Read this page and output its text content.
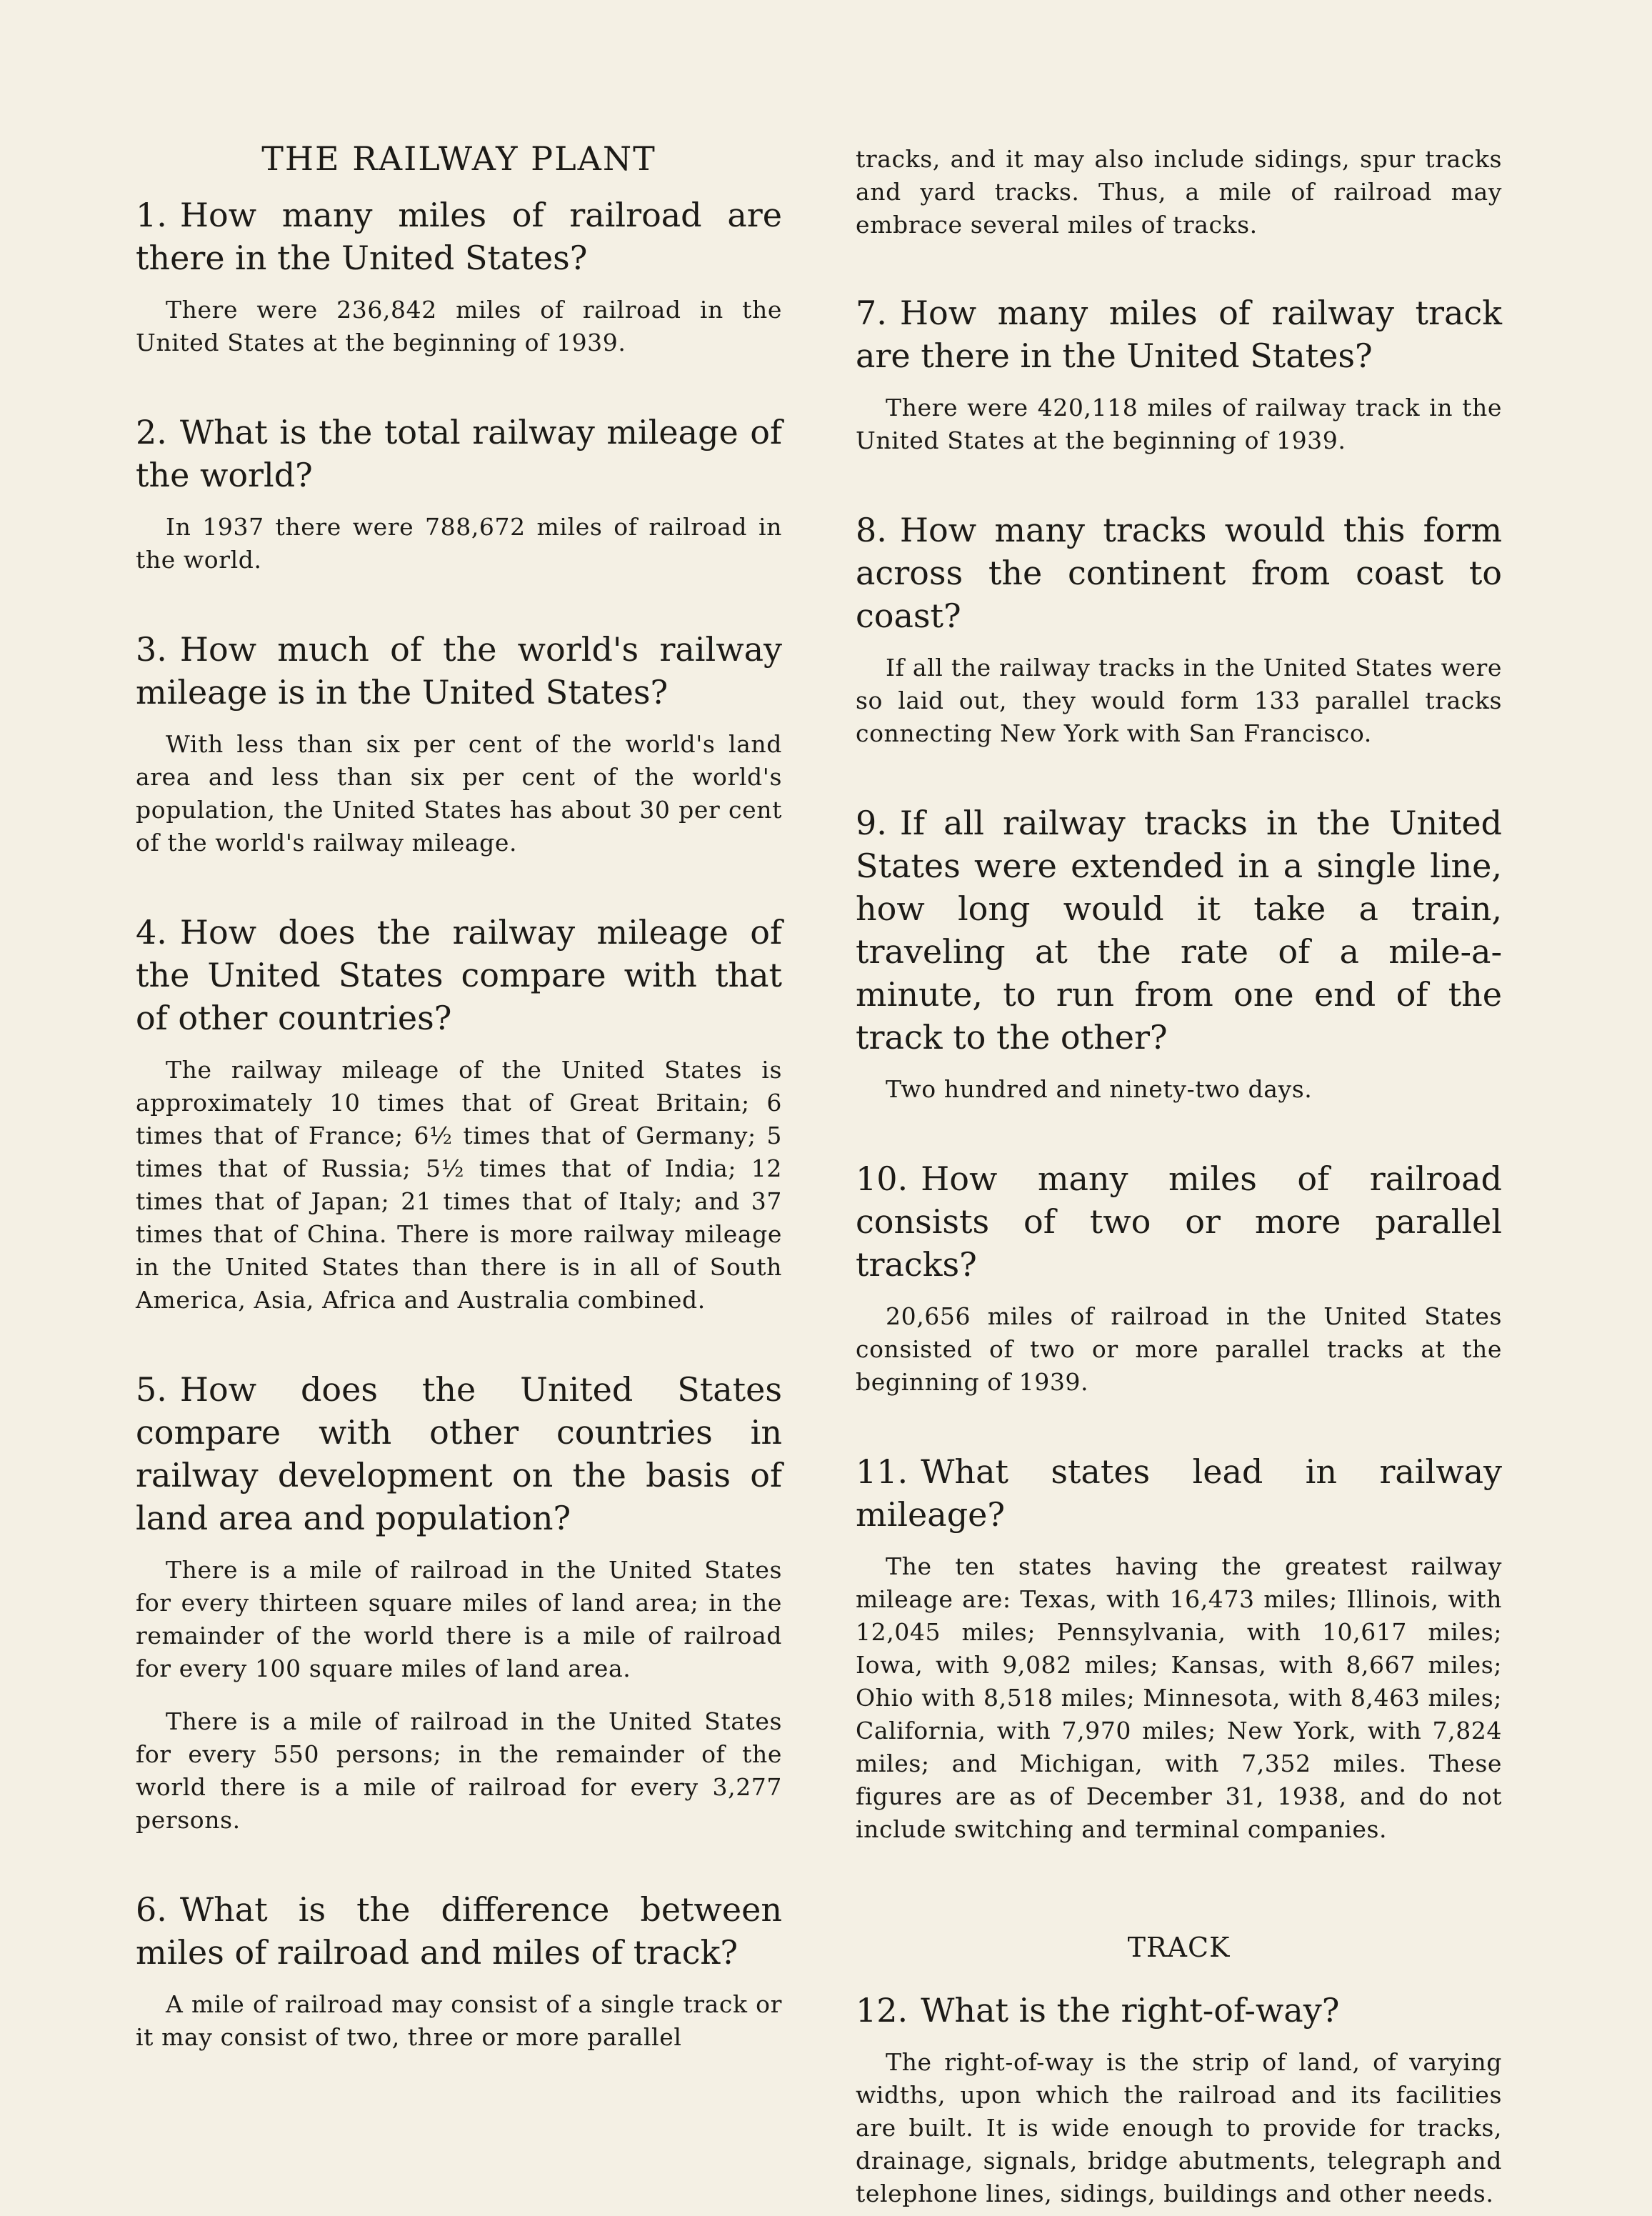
THE RAILWAY PLANT
1. How many miles of railroad are there in the United States?

There were 236,842 miles of railroad in the United States at the beginning of 1939.

2. What is the total railway mileage of the world?

In 1937 there were 788,672 miles of railroad in the world.

3. How much of the world's railway mileage is in the United States?

With less than six per cent of the world's land area and less than six per cent of the world's population, the United States has about 30 per cent of the world's railway mileage.

4. How does the railway mileage of the United States compare with that of other countries?

The railway mileage of the United States is approximately 10 times that of Great Britain; 6 times that of France; 6½ times that of Germany; 5 times that of Russia; 5½ times that of India; 12 times that of Japan; 21 times that of Italy; and 37 times that of China. There is more railway mileage in the United States than there is in all of South America, Asia, Africa and Australia combined.

5. How does the United States compare with other countries in railway development on the basis of land area and population?

There is a mile of railroad in the United States for every thirteen square miles of land area; in the remainder of the world there is a mile of railroad for every 100 square miles of land area.

There is a mile of railroad in the United States for every 550 persons; in the remainder of the world there is a mile of railroad for every 3,277 persons.

6. What is the difference between miles of railroad and miles of track?

A mile of railroad may consist of a single track or it may consist of two, three or more parallel

tracks, and it may also include sidings, spur tracks and yard tracks. Thus, a mile of railroad may embrace several miles of tracks.

7. How many miles of railway track are there in the United States?

There were 420,118 miles of railway track in the United States at the beginning of 1939.

8. How many tracks would this form across the continent from coast to coast?

If all the railway tracks in the United States were so laid out, they would form 133 parallel tracks connecting New York with San Francisco.

9. If all railway tracks in the United States were extended in a single line, how long would it take a train, traveling at the rate of a mile-a-minute, to run from one end of the track to the other?

Two hundred and ninety-two days.

10. How many miles of railroad consists of two or more parallel tracks?

20,656 miles of railroad in the United States consisted of two or more parallel tracks at the beginning of 1939.

11. What states lead in railway mileage?

The ten states having the greatest railway mileage are: Texas, with 16,473 miles; Illinois, with 12,045 miles; Pennsylvania, with 10,617 miles; Iowa, with 9,082 miles; Kansas, with 8,667 miles; Ohio with 8,518 miles; Minnesota, with 8,463 miles; California, with 7,970 miles; New York, with 7,824 miles; and Michigan, with 7,352 miles. These figures are as of December 31, 1938, and do not include switching and terminal companies.

TRACK
12. What is the right-of-way?

The right-of-way is the strip of land, of varying widths, upon which the railroad and its facilities are built. It is wide enough to provide for tracks, drainage, signals, bridge abutments, telegraph and telephone lines, sidings, buildings and other needs.
